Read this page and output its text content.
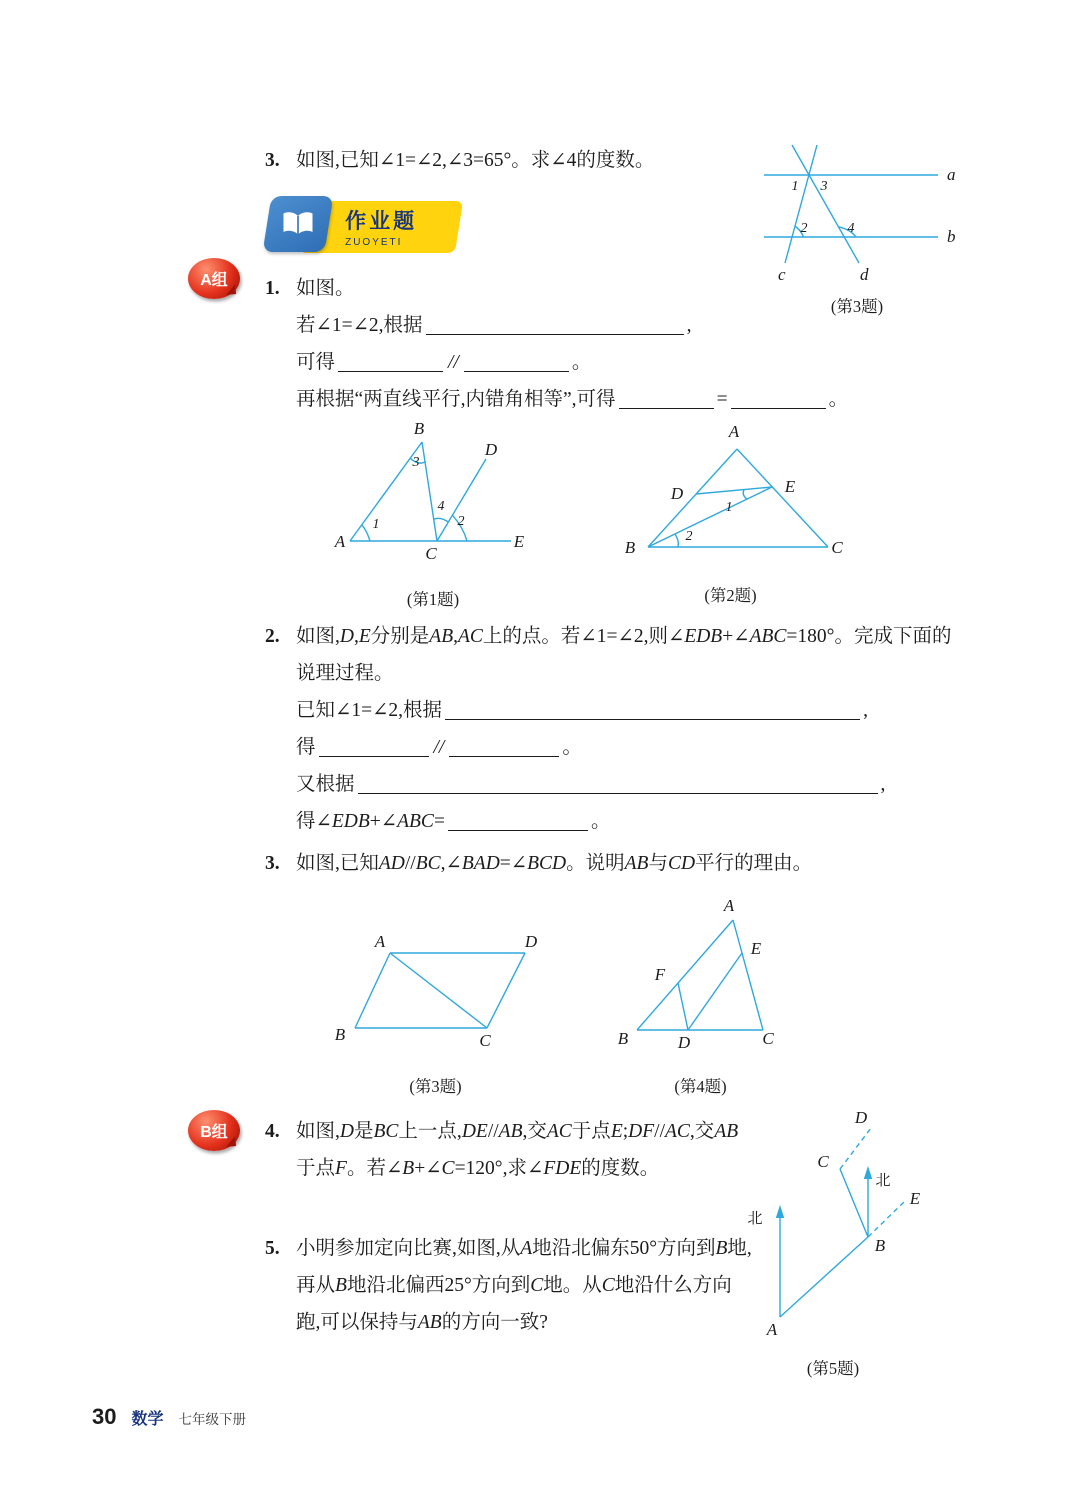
3. 如图,已知∠1=∠2,∠3=65°。求∠4的度数。
a
b
c	d
1 3
2	4
(第3题)
作业题
ZUOYETI
A组 1. 如图。
若∠1=∠2,根据	,
可得	//	。
再根据“两直线平行,内错角相等”,可得	=	。
A
B
C
D
E
1
3
4
2
(第1题)
A
B	C
D	E
1
2
(第2题)
2. 如图,D,E分别是AB,AC上的点。若∠1=∠2,则∠EDB+∠ABC=180°。完成下面的说理过程。
已知∠1=∠2,根据	,
得	//	。
又根据	,
得∠EDB+∠ABC=	。
3. 如图,已知AD//BC,∠BAD=∠BCD。说明AB与CD平行的理由。
A	D
B	C
(第3题)
A
B	C
D
E
F
(第4题)
B组 4. 如图,D是BC上一点,DE//AB,交AC于点E;DF//AC,交AB于点F。若∠B+∠C=120°,求∠FDE的度数。
5. 小明参加定向比赛,如图,从A地沿北偏东50°方向到B地,再从B地沿北偏西25°方向到C地。从C地沿什么方向跑,可以保持与AB的方向一致?	A
B
C
D
E
北
北
(第5题)
30 数学 七年级下册
